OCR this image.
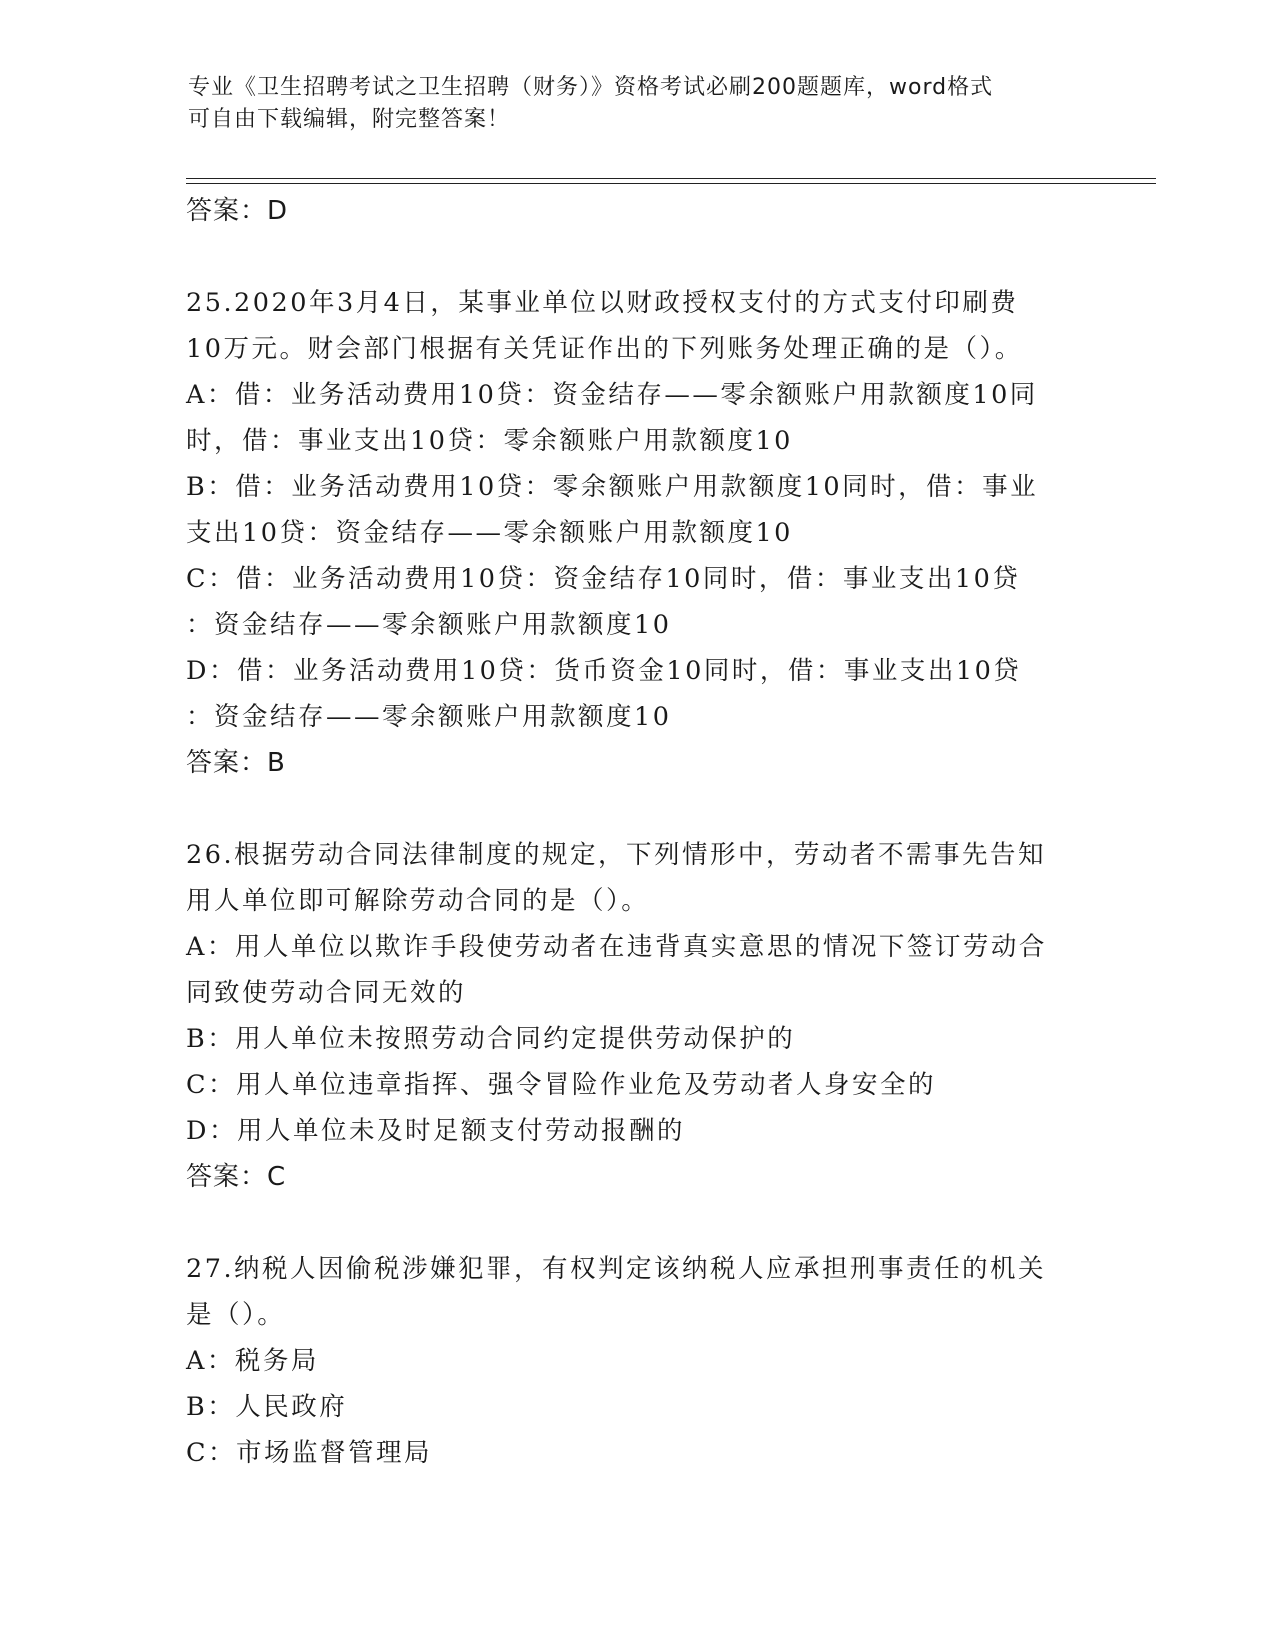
专业《卫生招聘考试之卫生招聘（财务）》资格考试必刷200题题库，word格式
可自由下载编辑，附完整答案！
答案：D
25.2020年3月4日，某事业单位以财政授权支付的方式支付印刷费
10万元。财会部门根据有关凭证作出的下列账务处理正确的是（）。
A：借：业务活动费用10贷：资金结存——零余额账户用款额度10同
时，借：事业支出10贷：零余额账户用款额度10
B：借：业务活动费用10贷：零余额账户用款额度10同时，借：事业
支出10贷：资金结存——零余额账户用款额度10
C：借：业务活动费用10贷：资金结存10同时，借：事业支出10贷
：资金结存——零余额账户用款额度10
D：借：业务活动费用10贷：货币资金10同时，借：事业支出10贷
：资金结存——零余额账户用款额度10
答案：B
26.根据劳动合同法律制度的规定，下列情形中，劳动者不需事先告知
用人单位即可解除劳动合同的是（）。
A：用人单位以欺诈手段使劳动者在违背真实意思的情况下签订劳动合
同致使劳动合同无效的
B：用人单位未按照劳动合同约定提供劳动保护的
C：用人单位违章指挥、强令冒险作业危及劳动者人身安全的
D：用人单位未及时足额支付劳动报酬的
答案：C
27.纳税人因偷税涉嫌犯罪，有权判定该纳税人应承担刑事责任的机关
是（）。
A：税务局
B：人民政府
C：市场监督管理局
